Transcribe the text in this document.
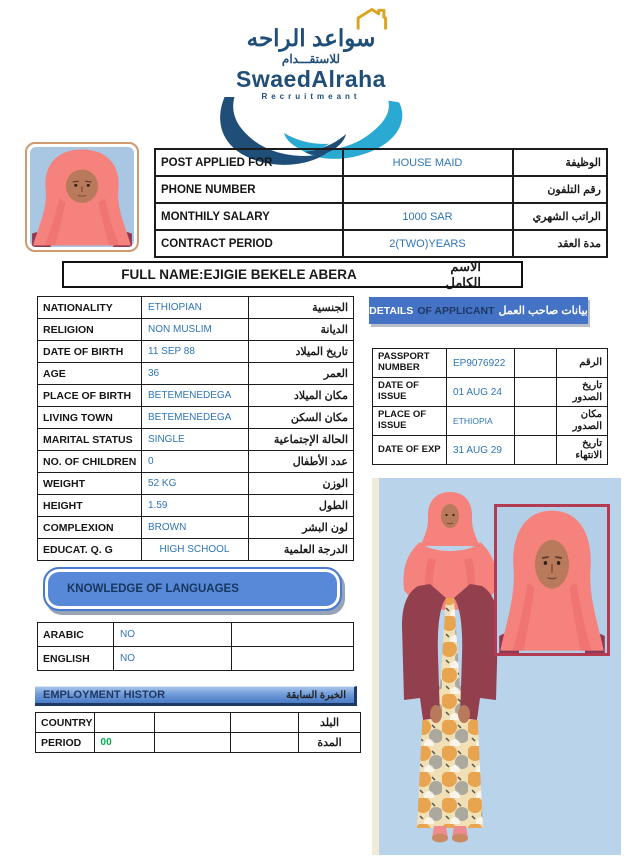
سواعد الراحه
للاستقـــدام
SwaedAlraha
Recruitmeant
POST APPLIED FOR	HOUSE MAID	الوظيفة
PHONE NUMBER		رقم التلفون
MONTHILY SALARY	1000 SAR	الراتب الشهري
CONTRACT PERIOD	2(TWO)YEARS	مدة العقد
FULL NAME:EJIGIE BEKELE ABERA
الاسم الكامل
NATIONALITY	ETHIOPIAN	الجنسية
RELIGION	NON MUSLIM	الديانة
DATE OF BIRTH	11 SEP 88	تاريخ الميلاد
AGE	36	العمر
PLACE OF BIRTH	BETEMENEDEGA	مكان الميلاد
LIVING TOWN	BETEMENEDEGA	مكان السكن
MARITAL STATUS	SINGLE	الحالة الإجتماعية
NO. OF CHILDREN	0	عدد الأطفال
WEIGHT	52 KG	الوزن
HEIGHT	1.59	الطول
COMPLEXION	BROWN	لون البشر
EDUCAT. Q. G	HIGH SCHOOL	الدرجة العلمية
DETAILS OF APPLICANT بيانات صاحب العمل
PASSPORT NUMBER	EP9076922		الرقم
DATE OF ISSUE	01 AUG 24		تاريخ الصدور
PLACE OF ISSUE	ETHIOPIA		مكان الصدور
DATE OF EXP	31 AUG 29		تاريخ الانتهاء
KNOWLEDGE OF LANGUAGES
ARABIC	NO	
ENGLISH	NO	
EMPLOYMENT HISTOR	الخبرة السابقة
COUNTRY				البلد
PERIOD	00			المدة
